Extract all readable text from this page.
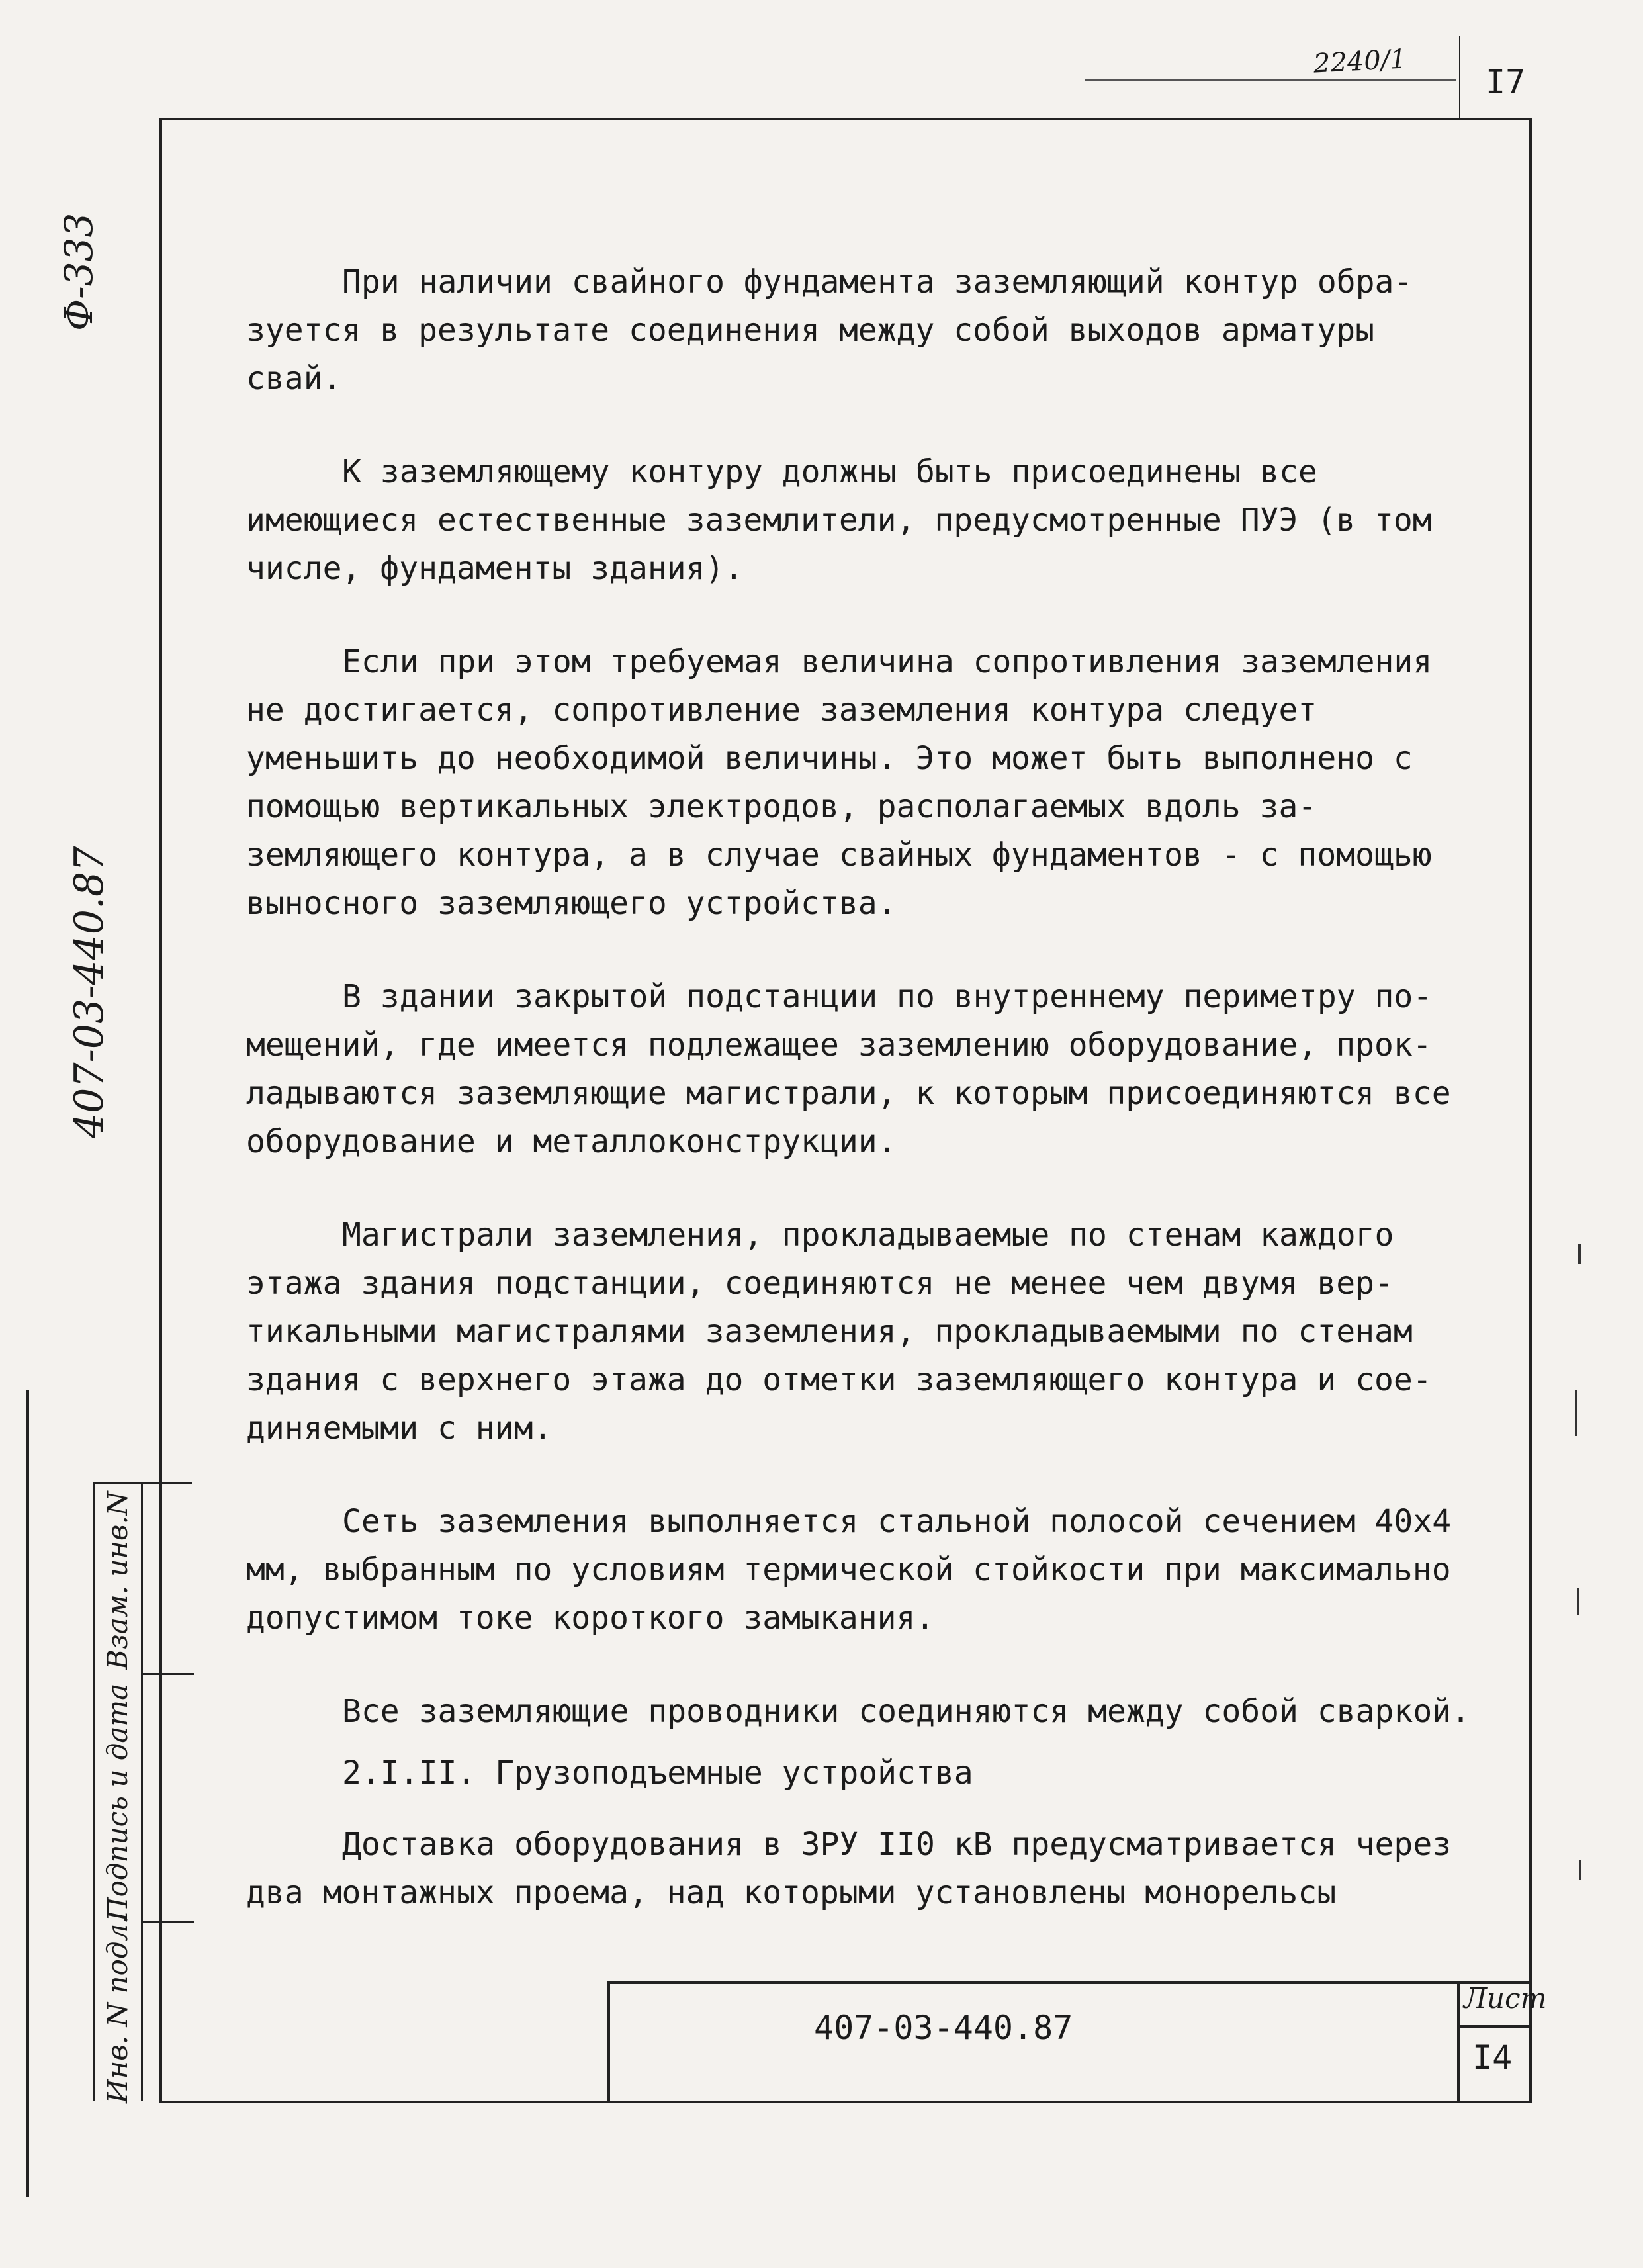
2240/1
I7
Ф-333
407-03-440.87
Взам. инв.N
Подпись и дата
Инв. N подл.

При наличии свайного фундамента заземляющий контур обра- зуется в результате соединения между собой выходов арматуры свай.

К заземляющему контуру должны быть присоединены все имеющиеся естественные заземлители, предусмотренные ПУЭ (в том числе, фундаменты здания).

Если при этом требуемая величина сопротивления заземления не достигается, сопротивление заземления контура следует уменьшить до необходимой величины. Это может быть выполнено с помощью вертикальных электродов, располагаемых вдоль за- земляющего контура, а в случае свайных фундаментов - с помощью выносного заземляющего устройства.

В здании закрытой подстанции по внутреннему периметру по- мещений, где имеется подлежащее заземлению оборудование, прок- ладываются заземляющие магистрали, к которым присоединяются все оборудование и металлоконструкции.

Магистрали заземления, прокладываемые по стенам каждого этажа здания подстанции, соединяются не менее чем двумя вер- тикальными магистралями заземления, прокладываемыми по стенам здания с верхнего этажа до отметки заземляющего контура и сое- диняемыми с ним.

Сеть заземления выполняется стальной полосой сечением 40х4 мм, выбранным по условиям термической стойкости при максимально допустимом токе короткого замыкания.

Все заземляющие проводники соединяются между собой сваркой.

2.I.II. Грузоподъемные устройства

Доставка оборудования в ЗРУ II0 кВ предусматривается через два монтажных проема, над которыми установлены монорельсы

407-03-440.87
Лист
I4
